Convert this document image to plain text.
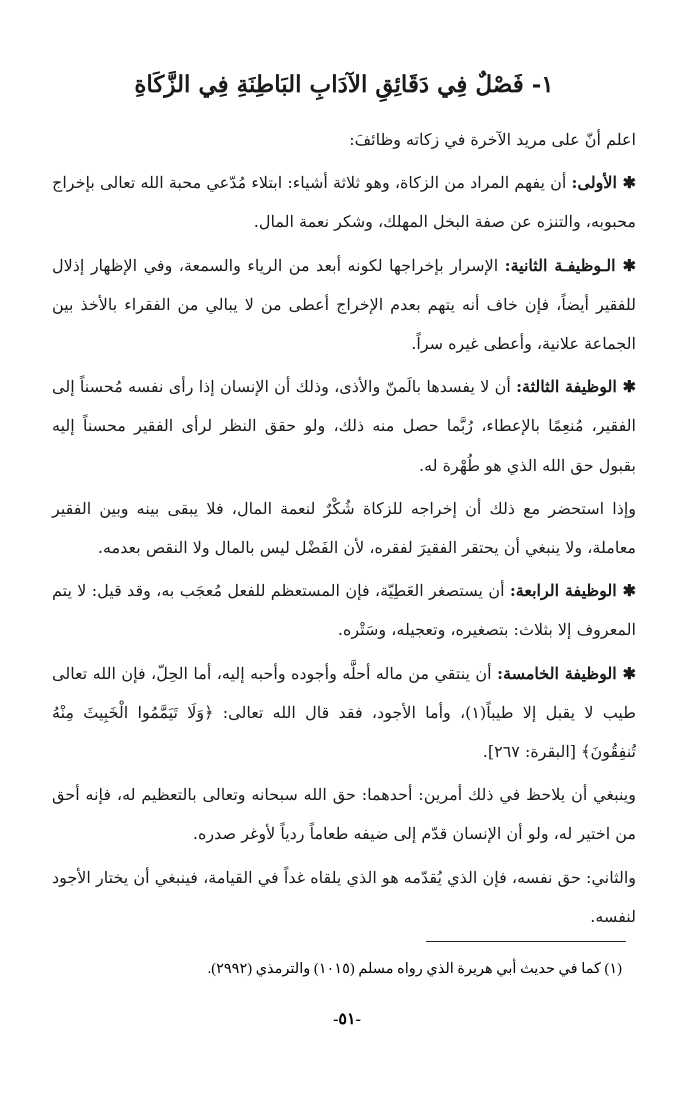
١- فَصْلٌ فِي دَقَائِقِ الآدَابِ البَاطِنَةِ فِي الزَّكَاةِ

اعلم أنّ على مريد الآخرة في زكاته وظائفَ:

✱ الأولى: أن يفهم المراد من الزكاة، وهو ثلاثة أشياء: ابتلاء مُدّعي محبة الله تعالى بإخراج محبوبه، والتنزه عن صفة البخل المهلك، وشكر نعمة المال.

✱ الـوظيفـة الثانية: الإسرار بإخراجها لكونه أبعد من الرياء والسمعة، وفي الإظهار إذلال للفقير أيضاً، فإن خاف أنه يتهم بعدم الإخراج أعطى من لا يبالي من الفقراء بالأخذ بين الجماعة علانية، وأعطى غيره سراً.

✱ الوظيفة الثالثة: أن لا يفسدها بالَمنّ والأذى، وذلك أن الإنسان إذا رأى نفسه مُحسناً إلى الفقير، مُنعِمًا بالإعطاء، رُبَّما حصل منه ذلك، ولو حقق النظر لرأى الفقير محسناً إليه بقبول حق الله الذي هو طُهْرة له.

وإذا استحضر مع ذلك أن إخراجه للزكاة شُكْرٌ لنعمة المال، فلا يبقى بينه وبين الفقير معاملة، ولا ينبغي أن يحتقر الفقيرَ لفقره، لأن الفَضْل ليس بالمال ولا النقص بعدمه.

✱ الوظيفة الرابعة: أن يستصغر العَطِيّة، فإن المستعظم للفعل مُعجَب به، وقد قيل: لا يتم المعروف إلا بثلاث: بتصغيره، وتعجيله، وسَتْره.

✱ الوظيفة الخامسة: أن ينتقي من ماله أحلَّه وأجوده وأحبه إليه، أما الحِلّ، فإن الله تعالى طيب لا يقبل إلا طيباً(١)، وأما الأجود، فقد قال الله تعالى: ﴿وَلَا تَيَمَّمُوا الْخَبِيثَ مِنْهُ تُنفِقُونَ﴾ [البقرة: ٢٦٧].

وينبغي أن يلاحظ في ذلك أمرين: أحدهما: حق الله سبحانه وتعالى بالتعظيم له، فإنه أحق من اختير له، ولو أن الإنسان قدّم إلى ضيفه طعاماً ردياً لأوغر صدره.

والثاني: حق نفسه، فإن الذي يُقدّمه هو الذي يلقاه غداً في القيامة، فينبغي أن يختار الأجود لنفسه.

(١) كما في حديث أبي هريرة الذي رواه مسلم (١٠١٥) والترمذي (٢٩٩٢).
-٥١-
